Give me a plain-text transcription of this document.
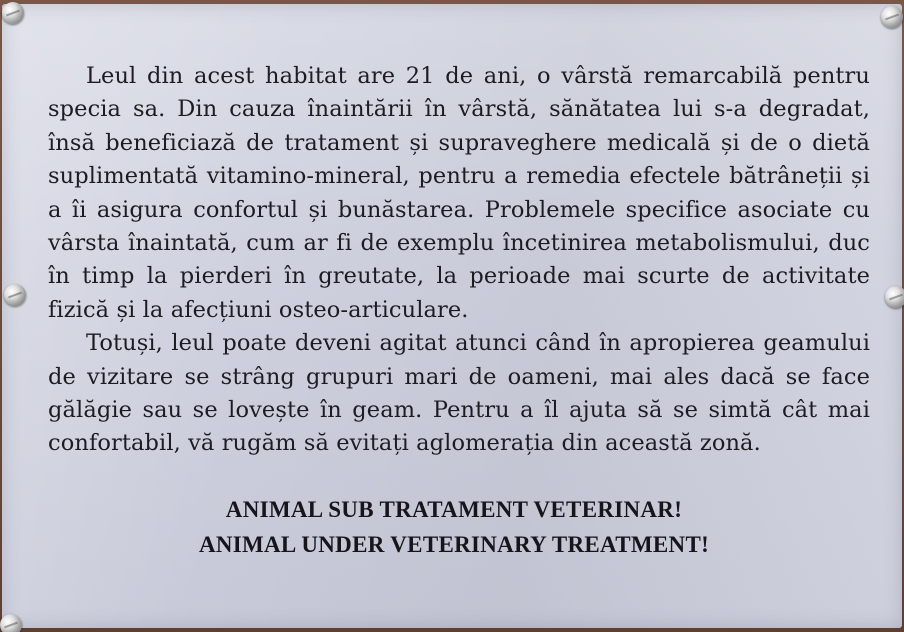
Leul din acest habitat are 21 de ani, o vârstă remarcabilă pentru specia sa. Din cauza înaintării în vârstă, sănătatea lui s-a degradat, însă beneficiază de tratament și supraveghere medicală și de o dietă suplimentată vitamino-mineral, pentru a remedia efectele bătrâneții și a îi asigura confortul și bunăstarea. Problemele specifice asociate cu vârsta înaintată, cum ar fi de exemplu încetinirea metabolismului, duc în timp la pierderi în greutate, la perioade mai scurte de activitate fizică și la afecțiuni osteo-articulare.

Totuși, leul poate deveni agitat atunci când în apropierea geamului de vizitare se strâng grupuri mari de oameni, mai ales dacă se face gălăgie sau se lovește în geam. Pentru a îl ajuta să se simtă cât mai confortabil, vă rugăm să evitați aglomerația din această zonă.

ANIMAL SUB TRATAMENT VETERINAR!
ANIMAL UNDER VETERINARY TREATMENT!
